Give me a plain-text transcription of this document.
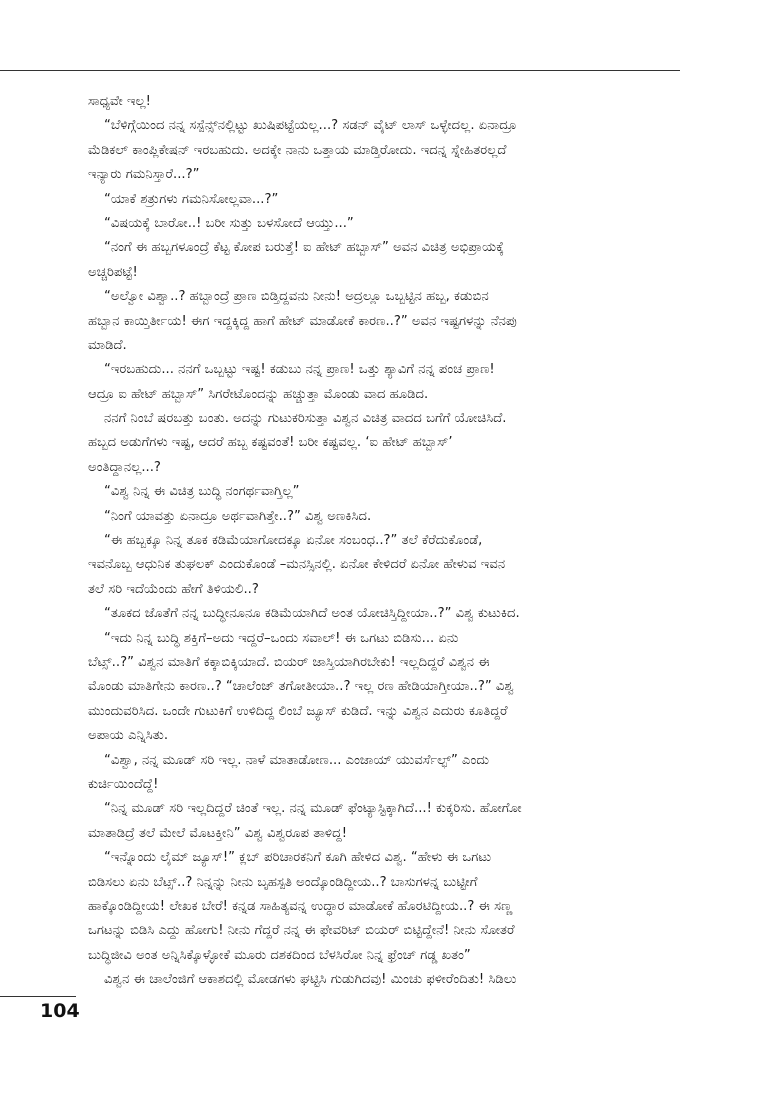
ಸಾಧ್ಯವೇ ಇಲ್ಲ!
“ಬೆಳಿಗ್ಗೆಯಿಂದ ನನ್ನ ಸಸ್ಪೆನ್ಸ್‌ನಲ್ಲಿಟ್ಟು ಖುಷಿಪಟ್ಟೆಯಲ್ಲ...? ಸಡನ್ ವೈಟ್ ಲಾಸ್ ಒಳ್ಳೇದಲ್ಲ. ಏನಾದ್ರೂ
ಮೆಡಿಕಲ್ ಕಾಂಪ್ಲಿಕೇಷನ್ ಇರಬಹುದು. ಅದಕ್ಕೇ ನಾನು ಒತ್ತಾಯ ಮಾಡ್ತಿರೋದು. ಇದನ್ನ ಸ್ನೇಹಿತರಲ್ಲದೆ
ಇನ್ಯಾರು ಗಮನಿಸ್ತಾರೆ...?”
“ಯಾಕೆ ಶತ್ರುಗಳು ಗಮನಿಸೋಲ್ಲವಾ...?”
“ವಿಷಯಕ್ಕೆ ಬಾರೋ..! ಬರೀ ಸುತ್ತು ಬಳಸೋದೆ ಆಯ್ತು...”
“ನಂಗೆ ಈ ಹಬ್ಬಗಳೂಂದ್ರೆ ಕೆಟ್ಟ ಕೋಪ ಬರುತ್ತೆ! ಐ ಹೇಟ್ ಹಬ್ಬಾಸ್” ಅವನ ವಿಚಿತ್ರ ಅಭಿಪ್ರಾಯಕ್ಕೆ
ಅಚ್ಚರಿಪಟ್ಟೆ!
“ಅಲ್ವೋ ವಿಶ್ವಾ..? ಹಬ್ಬಾಂದ್ರೆ ಪ್ರಾಣ ಬಿಡ್ತಿದ್ದವನು ನೀನು! ಅದ್ರಲ್ಲೂ ಒಬ್ಬಟ್ಟಿನ ಹಬ್ಬ, ಕಡುಬಿನ
ಹಬ್ಬಾನ ಕಾಯ್ತಿರ್ತೀಯ! ಈಗ ಇದ್ದಕ್ಕಿದ್ದ ಹಾಗೆ ಹೇಟ್ ಮಾಡೋಕೆ ಕಾರಣ..?” ಅವನ ಇಷ್ಟಗಳನ್ನು ನೆನಪು
ಮಾಡಿದೆ.
“ಇರಬಹುದು... ನನಗೆ ಒಬ್ಬಟ್ಟು ಇಷ್ಟ! ಕಡುಬು ನನ್ನ ಪ್ರಾಣ! ಒತ್ತು ಶ್ಯಾವಿಗೆ ನನ್ನ ಪಂಚ ಪ್ರಾಣ!
ಆದ್ರೂ ಐ ಹೇಟ್ ಹಬ್ಬಾಸ್” ಸಿಗರೇಟೊಂದನ್ನು ಹಚ್ಚುತ್ತಾ ಮೊಂಡು ವಾದ ಹೂಡಿದ.
ನನಗೆ ನಿಂಬೆ ಷರಬತ್ತು ಬಂತು. ಅದನ್ನು ಗುಟುಕರಿಸುತ್ತಾ ವಿಶ್ವನ ವಿಚಿತ್ರ ವಾದದ ಬಗೆಗೆ ಯೋಚಿಸಿದೆ.
ಹಬ್ಬದ ಅಡುಗೆಗಳು ಇಷ್ಟ, ಆದರೆ ಹಬ್ಬ ಕಷ್ಟವಂತೆ! ಬರೀ ಕಷ್ಟವಲ್ಲ. ‘ಐ ಹೇಟ್ ಹಬ್ಬಾಸ್’
ಅಂತಿದ್ದಾನಲ್ಲ...?
“ವಿಶ್ವ ನಿನ್ನ ಈ ವಿಚಿತ್ರ ಬುದ್ಧಿ ನಂಗರ್ಥವಾಗ್ತಿಲ್ಲ”
“ನಿಂಗೆ ಯಾವತ್ತು ಏನಾದ್ರೂ ಅರ್ಥವಾಗಿತ್ತೇ..?” ವಿಶ್ವ ಅಣಕಿಸಿದ.
“ಈ ಹಬ್ಬಕ್ಕೂ ನಿನ್ನ ತೂಕ ಕಡಿಮೆಯಾಗೋದಕ್ಕೂ ಏನೋ ಸಂಬಂಧ..?” ತಲೆ ಕೆರೆದುಕೊಂಡೆ,
ಇವನೊಬ್ಬ ಆಧುನಿಕ ತುಘಲಕ್ ಎಂದುಕೊಂಡೆ –ಮನಸ್ಸಿನಲ್ಲಿ. ಏನೋ ಕೇಳಿದರೆ ಏನೋ ಹೇಳುವ ಇವನ
ತಲೆ ಸರಿ ಇದೆಯೆಂದು ಹೇಗೆ ತಿಳಿಯಲಿ..?
“ತೂಕದ ಜೊತೆಗೆ ನನ್ನ ಬುದ್ಧೀನೂನೂ ಕಡಿಮೆಯಾಗಿದೆ ಅಂತ ಯೋಚಿಸ್ತಿದ್ದೀಯಾ..?” ವಿಶ್ವ ಕುಟುಕಿದ.
“ಇದು ನಿನ್ನ ಬುದ್ಧಿ ಶಕ್ತಿಗೆ–ಅದು ಇದ್ದರೆ–ಒಂದು ಸವಾಲ್! ಈ ಒಗಟು ಬಿಡಿಸು... ಏನು
ಬೆಟ್ಸ್..?” ವಿಶ್ವನ ಮಾತಿಗೆ ಕಕ್ಕಾಬಿಕ್ಕಿಯಾದೆ. ಬಿಯರ್ ಜಾಸ್ತಿಯಾಗಿರಬೇಕು! ಇಲ್ಲದಿದ್ದರೆ ವಿಶ್ವನ ಈ
ಮೊಂಡು ಮಾತಿಗೇನು ಕಾರಣ..? “ಚಾಲೆಂಜ್ ತಗೋತೀಯಾ..? ಇಲ್ಲ ರಣ ಹೇಡಿಯಾಗ್ತೀಯಾ..?” ವಿಶ್ವ
ಮುಂದುವರಿಸಿದ. ಒಂದೇ ಗುಟುಕಿಗೆ ಉಳಿದಿದ್ದ ಲಿಂಬೆ ಜ್ಯೂಸ್ ಕುಡಿದೆ. ಇನ್ನು ವಿಶ್ವನ ಎದುರು ಕೂತಿದ್ದರೆ
ಅಪಾಯ ಎನ್ನಿಸಿತು.
“ವಿಶ್ವಾ, ನನ್ನ ಮೂಡ್ ಸರಿ ಇಲ್ಲ. ನಾಳೆ ಮಾತಾಡೋಣ... ಎಂಜಾಯ್ ಯುವರ್ಸೆಲ್ಫ್” ಎಂದು
ಕುರ್ಚಿಯಿಂದೆದ್ದೆ!
“ನಿನ್ನ ಮೂಡ್ ಸರಿ ಇಲ್ಲದಿದ್ದರೆ ಚಿಂತೆ ಇಲ್ಲ. ನನ್ನ ಮೂಡ್ ಫೆಂಟ್ಯಾಸ್ಟಿಕ್ಕಾಗಿದೆ...! ಕುಕ್ಕರಿಸು. ಹೋಗೋ
ಮಾತಾಡಿದ್ರೆ ತಲೆ ಮೇಲೆ ಮೊಟಕ್ತೀನಿ” ವಿಶ್ವ ವಿಶ್ವರೂಪ ತಾಳಿದ್ದ!
“ಇನ್ನೊಂದು ಲೈಮ್ ಜ್ಯೂಸ್!” ಕ್ಲಬ್ ಪರಿಚಾರಕನಿಗೆ ಕೂಗಿ ಹೇಳಿದ ವಿಶ್ವ. “ಹೇಳು ಈ ಒಗಟು
ಬಿಡಿಸಲು ಏನು ಬೆಟ್ಸ್..? ನಿನ್ನನ್ನು ನೀನು ಬೃಹಸ್ಪತಿ ಅಂದ್ಕೊಂಡಿದ್ದೀಯ..? ಬಾಸುಗಳನ್ನ ಬುಟ್ಟೀಗೆ
ಹಾಕ್ಕೊಂಡಿದ್ದೀಯ! ಲೇಖಕ ಬೇರೆ! ಕನ್ನಡ ಸಾಹಿತ್ಯವನ್ನ ಉದ್ಧಾರ ಮಾಡೋಕೆ ಹೊರಟಿದ್ದೀಯ..? ಈ ಸಣ್ಣ
ಒಗಟನ್ನು ಬಿಡಿಸಿ ಎದ್ದು ಹೋಗು! ನೀನು ಗೆದ್ದರೆ ನನ್ನ ಈ ಫೇವರಿಟ್ ಬಿಯರ್ ಬಿಟ್ಟಿದ್ದೇನೆ! ನೀನು ಸೋತರೆ
ಬುದ್ಧಿಜೀವಿ ಅಂತ ಅನ್ನಿಸಿಕ್ಕೊಳ್ಳೋಕೆ ಮೂರು ದಶಕದಿಂದ ಬೆಳಸಿರೋ ನಿನ್ನ ಫ್ರೆಂಚ್ ಗಡ್ಡ ಖತಂ”
ವಿಶ್ವನ ಈ ಚಾಲೆಂಜಿಗೆ ಆಕಾಶದಲ್ಲಿ ಮೋಡಗಳು ಘಟ್ಟಿಸಿ ಗುಡುಗಿದವು! ಮಿಂಚು ಫಳೀರೆಂದಿತು! ಸಿಡಿಲು
104
